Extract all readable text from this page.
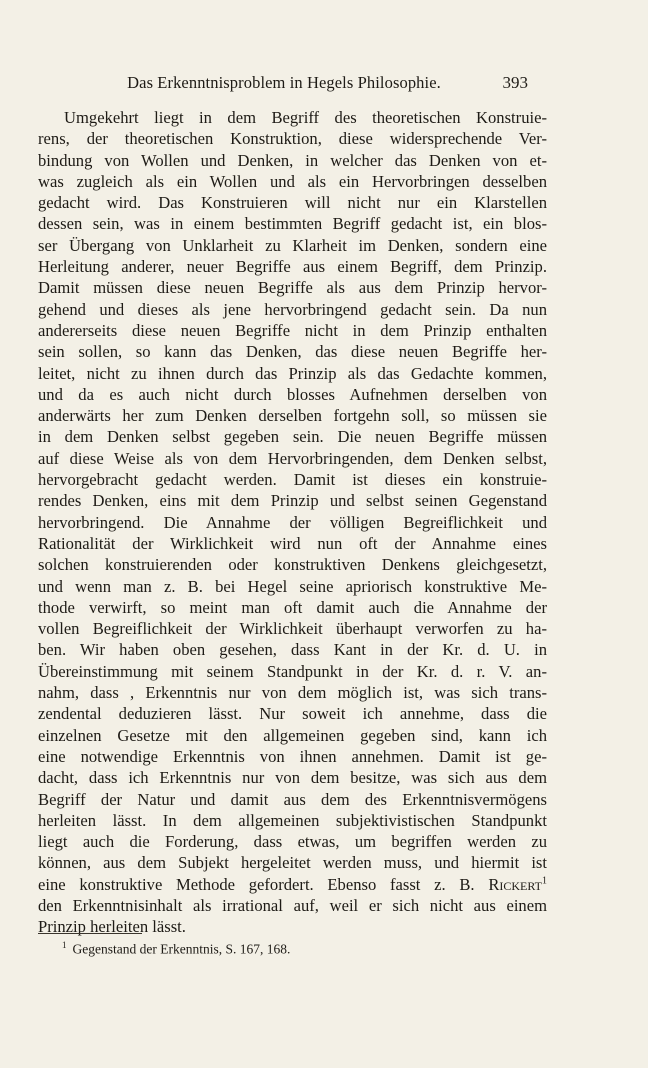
Das Erkenntnisproblem in Hegels Philosophie.	393
Umgekehrt liegt in dem Begriff des theoretischen Konstruie-
rens, der theoretischen Konstruktion, diese widersprechende Ver-
bindung von Wollen und Denken, in welcher das Denken von et-
was zugleich als ein Wollen und als ein Hervorbringen desselben
gedacht wird. Das Konstruieren will nicht nur ein Klarstellen
dessen sein, was in einem bestimmten Begriff gedacht ist, ein blos-
ser Übergang von Unklarheit zu Klarheit im Denken, sondern eine
Herleitung anderer, neuer Begriffe aus einem Begriff, dem Prinzip.
Damit müssen diese neuen Begriffe als aus dem Prinzip hervor-
gehend und dieses als jene hervorbringend gedacht sein. Da nun
andererseits diese neuen Begriffe nicht in dem Prinzip enthalten
sein sollen, so kann das Denken, das diese neuen Begriffe her-
leitet, nicht zu ihnen durch das Prinzip als das Gedachte kommen,
und da es auch nicht durch blosses Aufnehmen derselben von
anderwärts her zum Denken derselben fortgehn soll, so müssen sie
in dem Denken selbst gegeben sein. Die neuen Begriffe müssen
auf diese Weise als von dem Hervorbringenden, dem Denken selbst,
hervorgebracht gedacht werden. Damit ist dieses ein konstruie-
rendes Denken, eins mit dem Prinzip und selbst seinen Gegenstand
hervorbringend. Die Annahme der völligen Begreiflichkeit und
Rationalität der Wirklichkeit wird nun oft der Annahme eines
solchen konstruierenden oder konstruktiven Denkens gleichgesetzt,
und wenn man z. B. bei Hegel seine apriorisch konstruktive Me-
thode verwirft, so meint man oft damit auch die Annahme der
vollen Begreiflichkeit der Wirklichkeit überhaupt verworfen zu ha-
ben. Wir haben oben gesehen, dass Kant in der Kr. d. U. in
Übereinstimmung mit seinem Standpunkt in der Kr. d. r. V. an-
nahm, dass , Erkenntnis nur von dem möglich ist, was sich trans-
zendental deduzieren lässt. Nur soweit ich annehme, dass die
einzelnen Gesetze mit den allgemeinen gegeben sind, kann ich
eine notwendige Erkenntnis von ihnen annehmen. Damit ist ge-
dacht, dass ich Erkenntnis nur von dem besitze, was sich aus dem
Begriff der Natur und damit aus dem des Erkenntnisvermögens
herleiten lässt. In dem allgemeinen subjektivistischen Standpunkt
liegt auch die Forderung, dass etwas, um begriffen werden zu
können, aus dem Subjekt hergeleitet werden muss, und hiermit ist
eine konstruktive Methode gefordert. Ebenso fasst z. B. Rickert$^1$
den Erkenntnisinhalt als irrational auf, weil er sich nicht aus einem
Prinzip herleiten lässt.
$^1$ Gegenstand der Erkenntnis, S. 167, 168.
